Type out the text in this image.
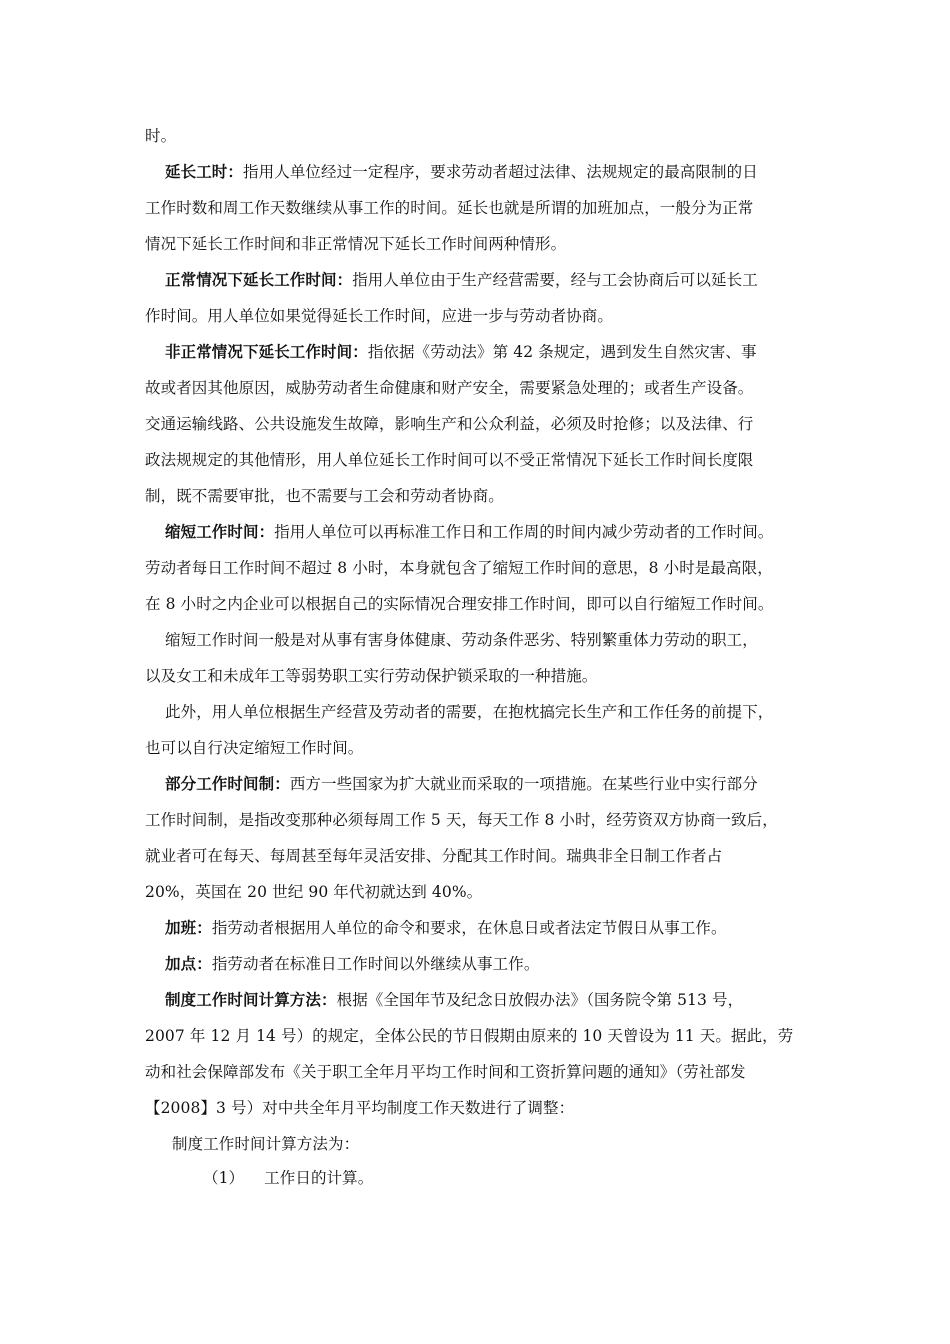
时。
延长工时：指用人单位经过一定程序，要求劳动者超过法律、法规规定的最高限制的日
工作时数和周工作天数继续从事工作的时间。延长也就是所谓的加班加点，一般分为正常
情况下延长工作时间和非正常情况下延长工作时间两种情形。
正常情况下延长工作时间：指用人单位由于生产经营需要，经与工会协商后可以延长工
作时间。用人单位如果觉得延长工作时间，应进一步与劳动者协商。
非正常情况下延长工作时间：指依据《劳动法》第 42 条规定，遇到发生自然灾害、事
故或者因其他原因，威胁劳动者生命健康和财产安全，需要紧急处理的；或者生产设备。
交通运输线路、公共设施发生故障，影响生产和公众利益，必须及时抢修；以及法律、行
政法规规定的其他情形，用人单位延长工作时间可以不受正常情况下延长工作时间长度限
制，既不需要审批，也不需要与工会和劳动者协商。
缩短工作时间：指用人单位可以再标准工作日和工作周的时间内减少劳动者的工作时间。
劳动者每日工作时间不超过 8 小时，本身就包含了缩短工作时间的意思，8 小时是最高限，
在 8 小时之内企业可以根据自己的实际情况合理安排工作时间，即可以自行缩短工作时间。
缩短工作时间一般是对从事有害身体健康、劳动条件恶劣、特别繁重体力劳动的职工，
以及女工和未成年工等弱势职工实行劳动保护锁采取的一种措施。
此外，用人单位根据生产经营及劳动者的需要，在抱枕搞完长生产和工作任务的前提下，
也可以自行决定缩短工作时间。
部分工作时间制：西方一些国家为扩大就业而采取的一项措施。在某些行业中实行部分
工作时间制，是指改变那种必须每周工作 5 天，每天工作 8 小时，经劳资双方协商一致后，
就业者可在每天、每周甚至每年灵活安排、分配其工作时间。瑞典非全日制工作者占
20%，英国在 20 世纪 90 年代初就达到 40%。
加班：指劳动者根据用人单位的命令和要求，在休息日或者法定节假日从事工作。
加点：指劳动者在标准日工作时间以外继续从事工作。
制度工作时间计算方法：根据《全国年节及纪念日放假办法》（国务院令第 513 号，
2007 年 12 月 14 号）的规定，全体公民的节日假期由原来的 10 天曾设为 11 天。据此，劳
动和社会保障部发布《关于职工全年月平均工作时间和工资折算问题的通知》（劳社部发
【2008】3 号）对中共全年月平均制度工作天数进行了调整：
制度工作时间计算方法为：
（1） 工作日的计算。
